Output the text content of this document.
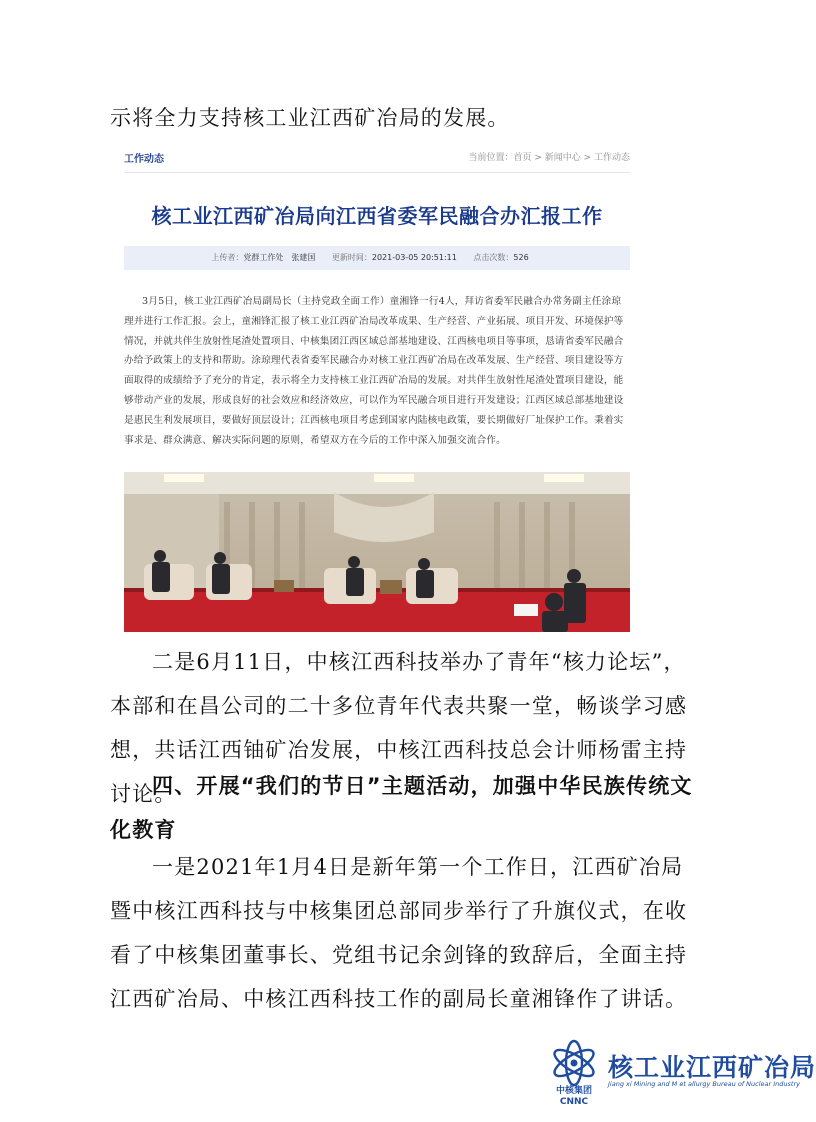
示将全力支持核工业江西矿冶局的发展。

工作动态	当前位置：首页 > 新闻中心 > 工作动态
核工业江西矿冶局向江西省委军民融合办汇报工作
上传者：党群工作处　张建国 更新时间：2021-03-05 20:51:11 点击次数：526
3月5日，核工业江西矿冶局副局长（主持党政全面工作）童湘锋一行4人，拜访省委军民融合办常务副主任涂琼理并进行工作汇报。会上，童湘锋汇报了核工业江西矿冶局改革成果、生产经营、产业拓展、项目开发、环境保护等情况，并就共伴生放射性尾渣处置项目、中核集团江西区域总部基地建设、江西核电项目等事项，恳请省委军民融合办给予政策上的支持和帮助。涂琼理代表省委军民融合办对核工业江西矿冶局在改革发展、生产经营、项目建设等方面取得的成绩给予了充分的肯定，表示将全力支持核工业江西矿冶局的发展。对共伴生放射性尾渣处置项目建设，能够带动产业的发展，形成良好的社会效应和经济效应，可以作为军民融合项目进行开发建设；江西区域总部基地建设是惠民生利发展项目，要做好顶层设计；江西核电项目考虑到国家内陆核电政策，要长期做好厂址保护工作。秉着实事求是、群众满意、解决实际问题的原则，希望双方在今后的工作中深入加强交流合作。

二是6月11日，中核江西科技举办了青年“核力论坛”，本部和在昌公司的二十多位青年代表共聚一堂，畅谈学习感想，共话江西铀矿冶发展，中核江西科技总会计师杨雷主持讨论。

四、开展“我们的节日”主题活动，加强中华民族传统文化教育

一是2021年1月4日是新年第一个工作日，江西矿冶局暨中核江西科技与中核集团总部同步举行了升旗仪式，在收看了中核集团董事长、党组书记余剑锋的致辞后，全面主持江西矿冶局、中核江西科技工作的副局长童湘锋作了讲话。

中核集团
CNNC
核工业江西矿冶局
Jiang xi Mining and M et allurgy Bureau of Nuclear Industry
